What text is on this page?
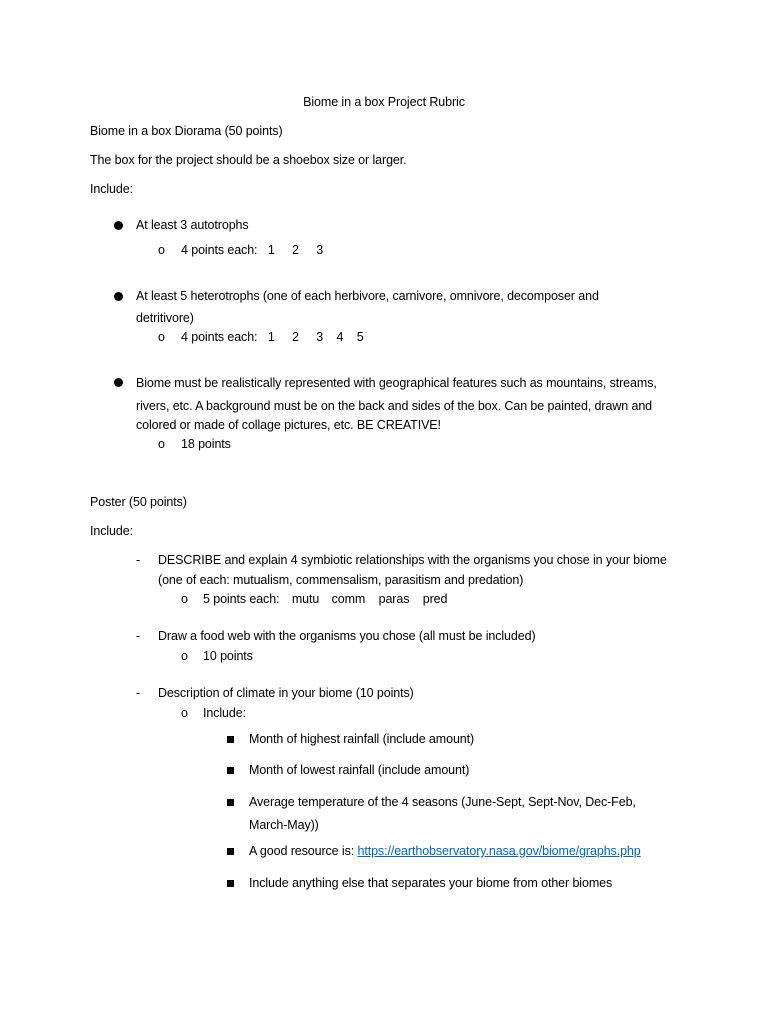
Biome in a box Project Rubric
Biome in a box Diorama (50 points)
The box for the project should be a shoebox size or larger.
Include:
At least 3 autotrophs
o 4 points each: 1 2 3
At least 5 heterotrophs (one of each herbivore, carnivore, omnivore, decomposer and
detritivore)
o 4 points each: 1 2 3 4 5
Biome must be realistically represented with geographical features such as mountains, streams,
rivers, etc. A background must be on the back and sides of the box. Can be painted, drawn and
colored or made of collage pictures, etc. BE CREATIVE!
o 18 points
Poster (50 points)
Include:
- DESCRIBE and explain 4 symbiotic relationships with the organisms you chose in your biome
(one of each: mutualism, commensalism, parasitism and predation)
o 5 points each: mutu comm paras pred
- Draw a food web with the organisms you chose (all must be included)
o 10 points
- Description of climate in your biome (10 points)
o Include:
Month of highest rainfall (include amount)
Month of lowest rainfall (include amount)
Average temperature of the 4 seasons (June-Sept, Sept-Nov, Dec-Feb,
March-May))
A good resource is: https://earthobservatory.nasa.gov/biome/graphs.php
Include anything else that separates your biome from other biomes
